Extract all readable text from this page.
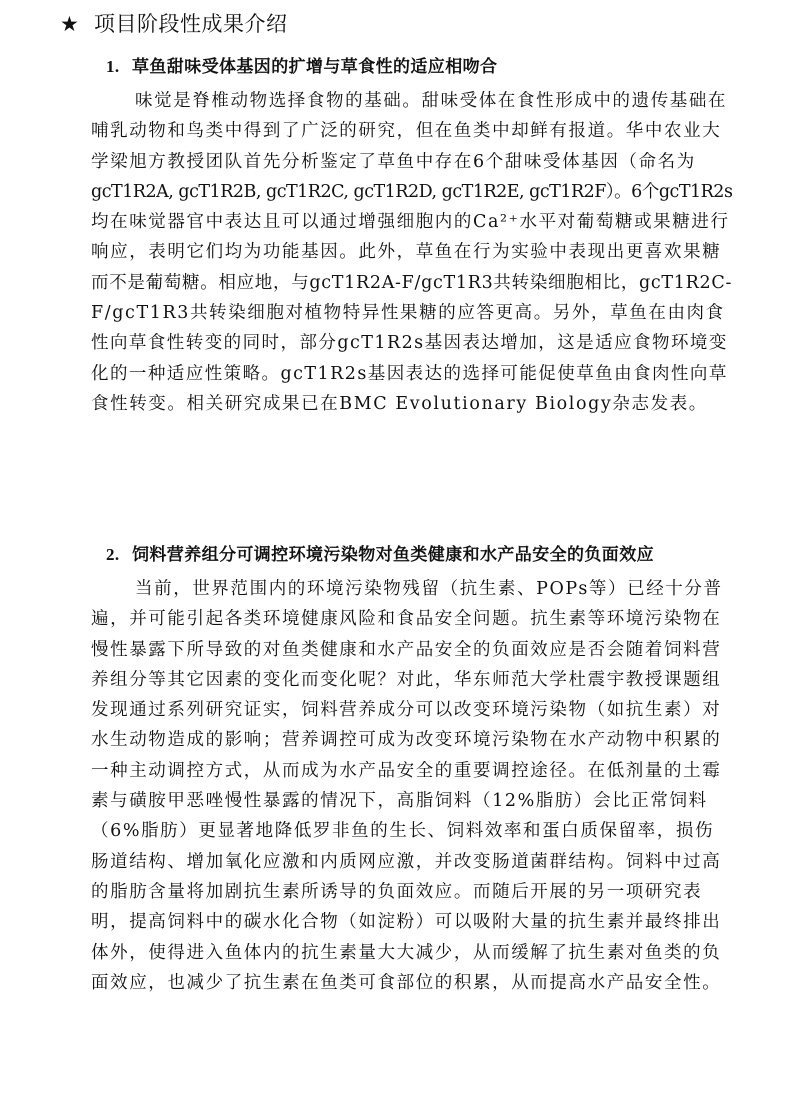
★ 项目阶段性成果介绍
1. 草鱼甜味受体基因的扩增与草食性的适应相吻合
味觉是脊椎动物选择食物的基础。甜味受体在食性形成中的遗传基础在
哺乳动物和鸟类中得到了广泛的研究，但在鱼类中却鲜有报道。华中农业大
学梁旭方教授团队首先分析鉴定了草鱼中存在6个甜味受体基因（命名为
gcT1R2A, gcT1R2B, gcT1R2C, gcT1R2D, gcT1R2E, gcT1R2F）。6个gcT1R2s
均在味觉器官中表达且可以通过增强细胞内的Ca²⁺水平对葡萄糖或果糖进行
响应，表明它们均为功能基因。此外，草鱼在行为实验中表现出更喜欢果糖
而不是葡萄糖。相应地，与gcT1R2A-F/gcT1R3共转染细胞相比，gcT1R2C-
F/gcT1R3共转染细胞对植物特异性果糖的应答更高。另外，草鱼在由肉食
性向草食性转变的同时，部分gcT1R2s基因表达增加，这是适应食物环境变
化的一种适应性策略。gcT1R2s基因表达的选择可能促使草鱼由食肉性向草
食性转变。相关研究成果已在BMC Evolutionary Biology杂志发表。
2. 饲料营养组分可调控环境污染物对鱼类健康和水产品安全的负面效应
当前，世界范围内的环境污染物残留（抗生素、POPs等）已经十分普
遍，并可能引起各类环境健康风险和食品安全问题。抗生素等环境污染物在
慢性暴露下所导致的对鱼类健康和水产品安全的负面效应是否会随着饲料营
养组分等其它因素的变化而变化呢？对此，华东师范大学杜震宇教授课题组
发现通过系列研究证实，饲料营养成分可以改变环境污染物（如抗生素）对
水生动物造成的影响；营养调控可成为改变环境污染物在水产动物中积累的
一种主动调控方式，从而成为水产品安全的重要调控途径。在低剂量的土霉
素与磺胺甲恶唑慢性暴露的情况下，高脂饲料（12%脂肪）会比正常饲料
（6%脂肪）更显著地降低罗非鱼的生长、饲料效率和蛋白质保留率，损伤
肠道结构、增加氧化应激和内质网应激，并改变肠道菌群结构。饲料中过高
的脂肪含量将加剧抗生素所诱导的负面效应。而随后开展的另一项研究表
明，提高饲料中的碳水化合物（如淀粉）可以吸附大量的抗生素并最终排出
体外，使得进入鱼体内的抗生素量大大减少，从而缓解了抗生素对鱼类的负
面效应，也减少了抗生素在鱼类可食部位的积累，从而提高水产品安全性。
